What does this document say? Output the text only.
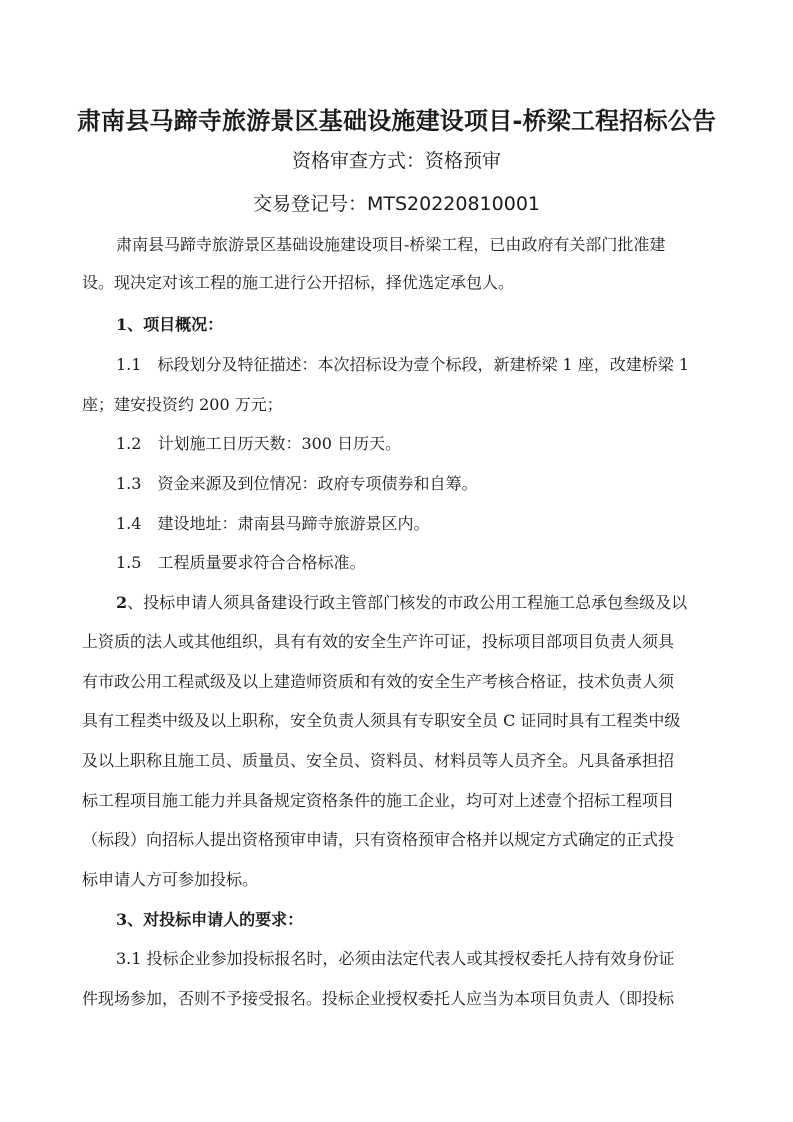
肃南县马蹄寺旅游景区基础设施建设项目-桥梁工程招标公告
资格审查方式：资格预审
交易登记号：MTS20220810001
肃南县马蹄寺旅游景区基础设施建设项目-桥梁工程，已由政府有关部门批准建
设。现决定对该工程的施工进行公开招标，择优选定承包人。
1、项目概况：
1.1　标段划分及特征描述：本次招标设为壹个标段，新建桥梁 1 座，改建桥梁 1
座；建安投资约 200 万元；
1.2　计划施工日历天数：300 日历天。
1.3　资金来源及到位情况：政府专项债券和自筹。
1.4　建设地址：肃南县马蹄寺旅游景区内。
1.5　工程质量要求符合合格标准。
2、投标申请人须具备建设行政主管部门核发的市政公用工程施工总承包叁级及以
上资质的法人或其他组织，具有有效的安全生产许可证，投标项目部项目负责人须具
有市政公用工程贰级及以上建造师资质和有效的安全生产考核合格证，技术负责人须
具有工程类中级及以上职称，安全负责人须具有专职安全员 C 证同时具有工程类中级
及以上职称且施工员、质量员、安全员、资料员、材料员等人员齐全。凡具备承担招
标工程项目施工能力并具备规定资格条件的施工企业，均可对上述壹个招标工程项目
（标段）向招标人提出资格预审申请，只有资格预审合格并以规定方式确定的正式投
标申请人方可参加投标。
3、对投标申请人的要求：
3.1 投标企业参加投标报名时，必须由法定代表人或其授权委托人持有效身份证
件现场参加，否则不予接受报名。投标企业授权委托人应当为本项目负责人（即投标
